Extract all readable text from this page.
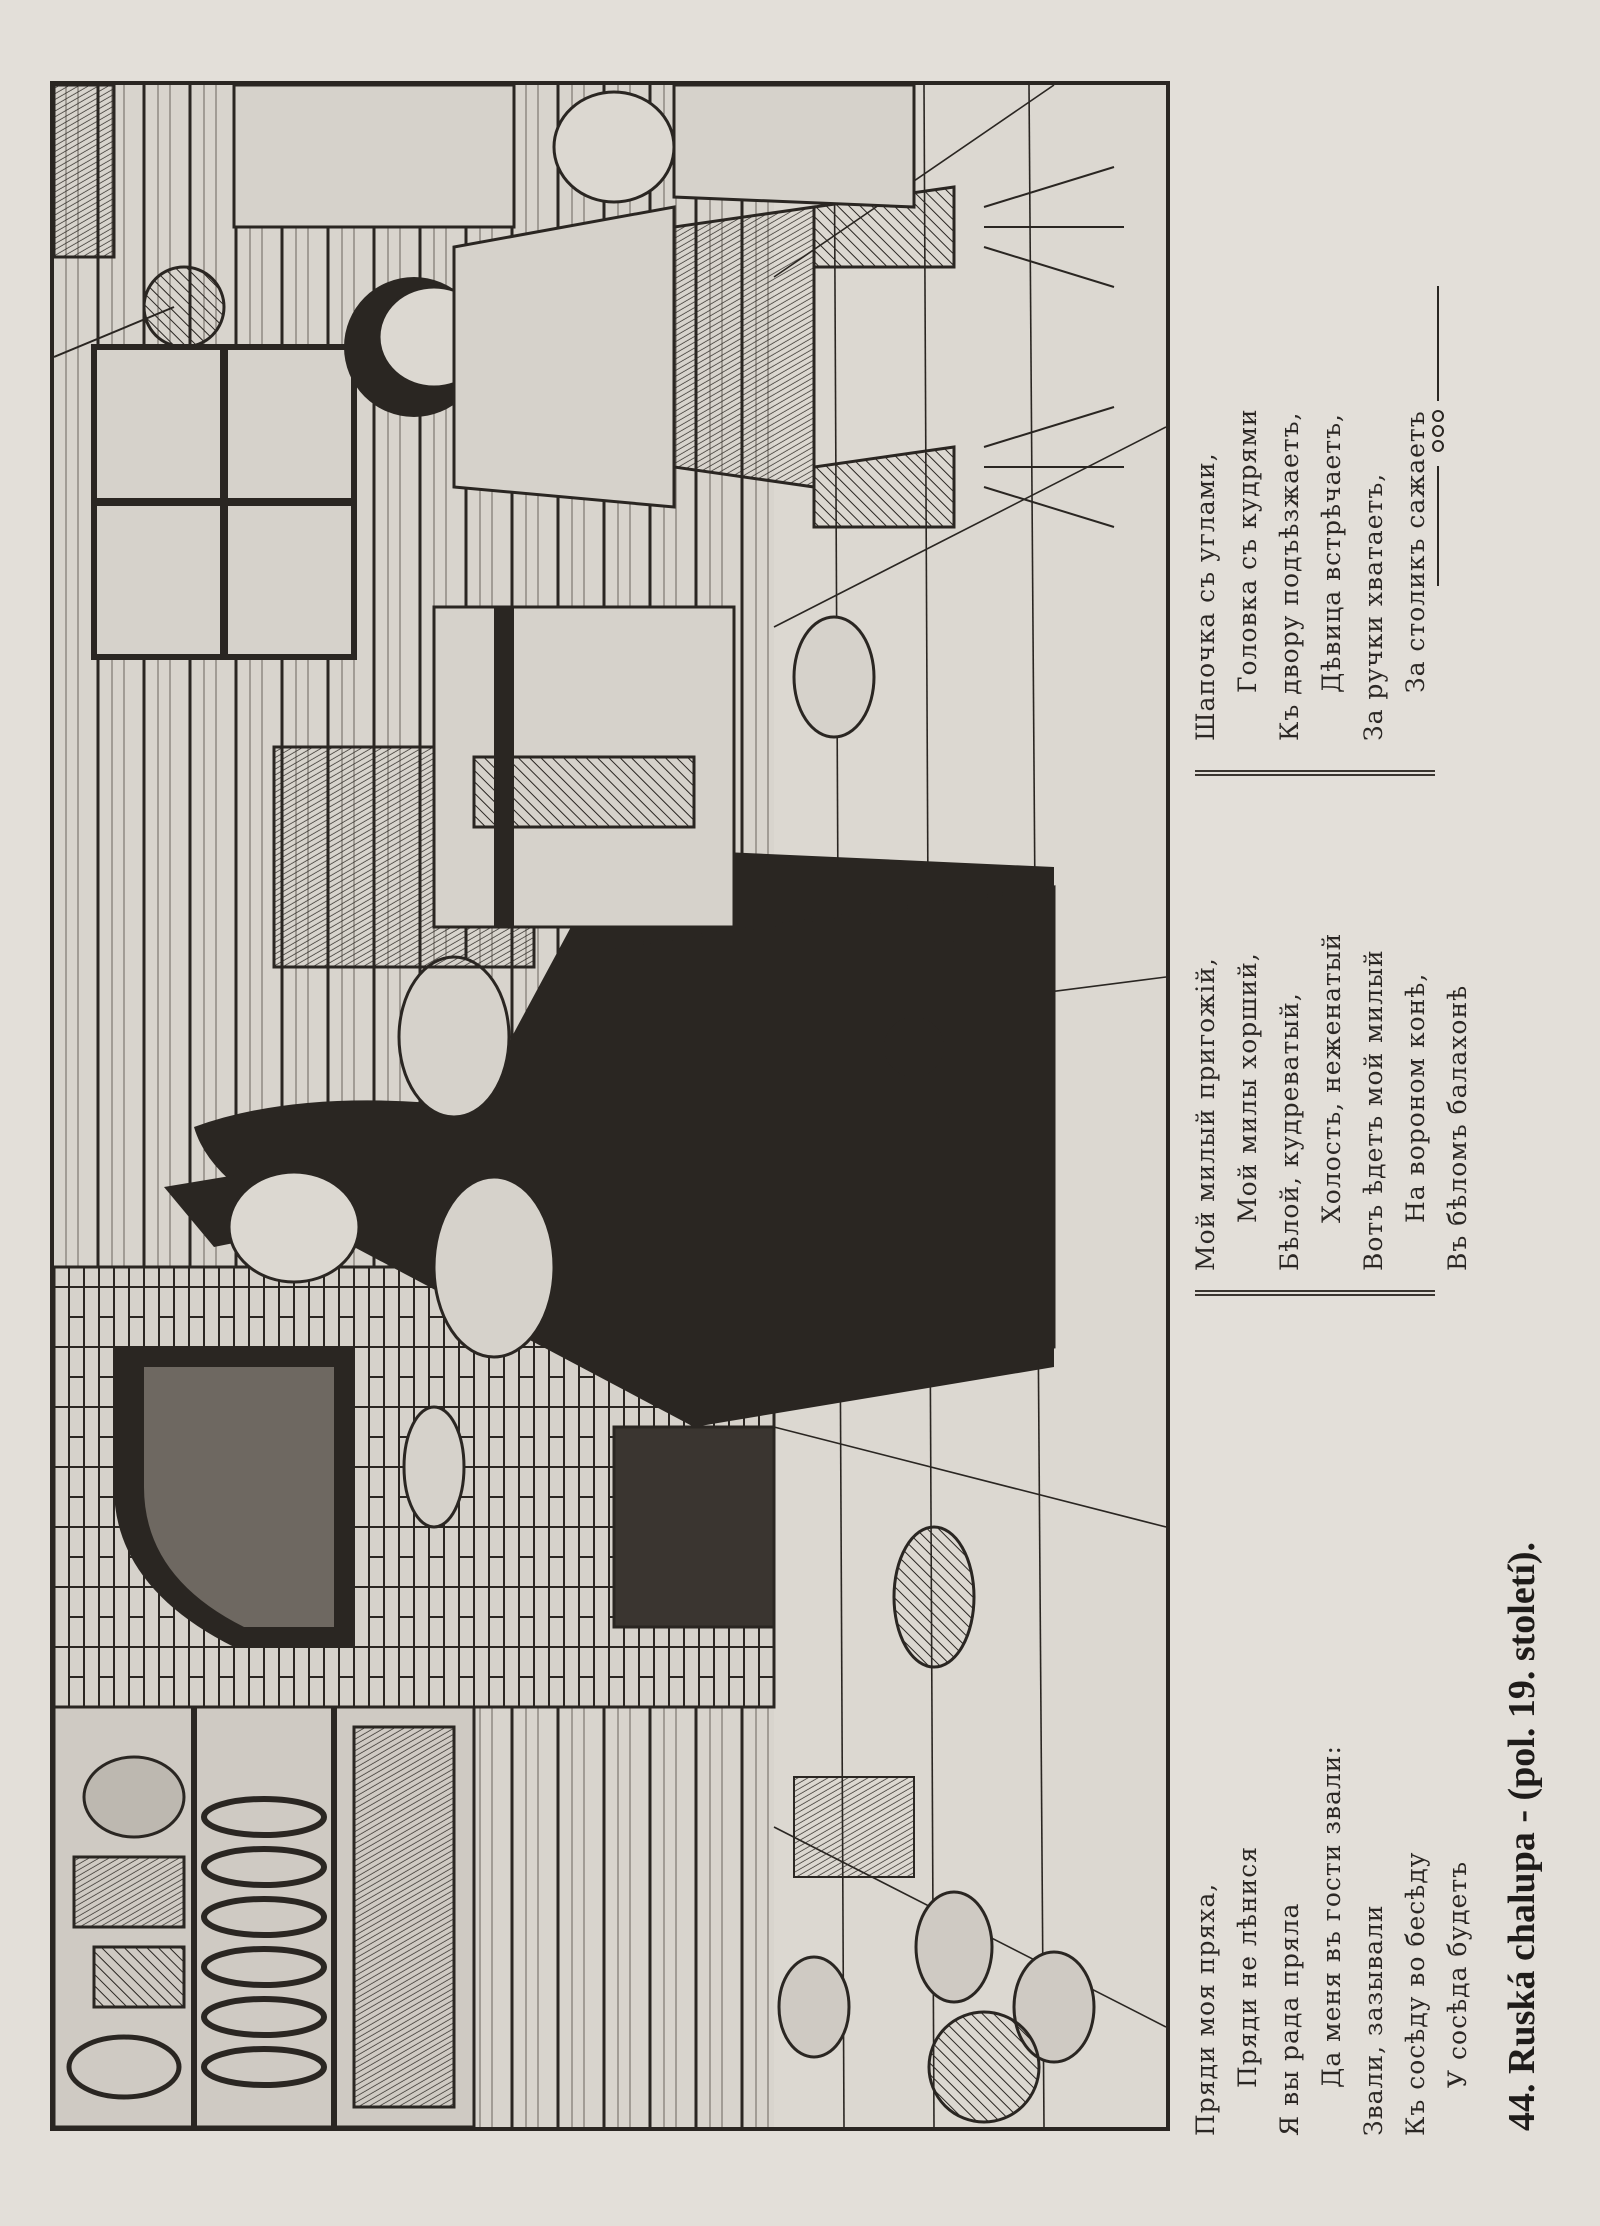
Пряди моя пряха, Пряди не лѣнися Я вы рада пряла Да меня въ гости звали: Звали, зазывали Къ сосѣду во бесѣду У сосѣда будетъ
Мой милый пригожій, Мой милы хорший, Бѣлой, кудреватый, Холость, неженатый Вотъ ѣдетъ мой милый На вороном конѣ, Въ бѣломъ балахонѣ
Шапочка съ углами, Головка съ кудрями Къ двору подъѣзжаетъ, Дѣвица встрѣчаетъ, За ручки хватаетъ, За столикъ сажаетъ
44. Ruská chalupa - (pol. 19. století).
